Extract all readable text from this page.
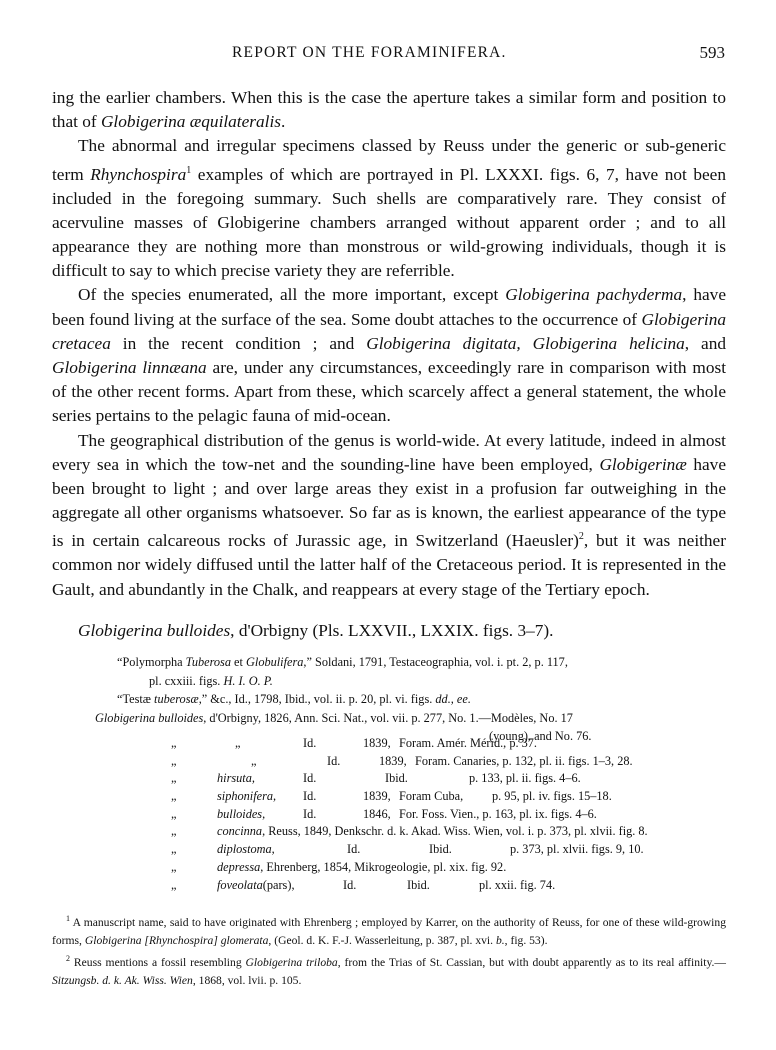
REPORT ON THE FORAMINIFERA.	593

ing the earlier chambers. When this is the case the aperture takes a similar form and position to that of Globigerina æquilateralis.

The abnormal and irregular specimens classed by Reuss under the generic or sub-generic term Rhynchospira$^1$ examples of which are portrayed in Pl. LXXXI. figs. 6, 7, have not been included in the foregoing summary. Such shells are comparatively rare. They consist of acervuline masses of Globigerine chambers arranged without apparent order ; and to all appearance they are nothing more than monstrous or wild-growing individuals, though it is difficult to say to which precise variety they are referrible.

Of the species enumerated, all the more important, except Globigerina pachyderma, have been found living at the surface of the sea. Some doubt attaches to the occurrence of Globigerina cretacea in the recent condition ; and Globigerina digitata, Globigerina helicina, and Globigerina linnæana are, under any circumstances, exceedingly rare in comparison with most of the other recent forms. Apart from these, which scarcely affect a general statement, the whole series pertains to the pelagic fauna of mid-ocean.

The geographical distribution of the genus is world-wide. At every latitude, indeed in almost every sea in which the tow-net and the sounding-line have been employed, Globigerinæ have been brought to light ; and over large areas they exist in a profusion far outweighing in the aggregate all other organisms whatsoever. So far as is known, the earliest appearance of the type is in certain calcareous rocks of Jurassic age, in Switzerland (Haeusler)$^2$, but it was neither common nor widely diffused until the latter half of the Cretaceous period. It is represented in the Gault, and abundantly in the Chalk, and reappears at every stage of the Tertiary epoch.

Globigerina bulloides, d'Orbigny (Pls. LXXVII., LXXIX. figs. 3–7).
“Polymorpha Tuberosa et Globulifera,” Soldani, 1791, Testaceographia, vol. i. pt. 2, p. 117,
pl. cxxiii. figs. H. I. O. P.
“Testæ tuberosæ,” &c., Id., 1798, Ibid., vol. ii. p. 20, pl. vi. figs. dd., ee.
Globigerina bulloides, d'Orbigny, 1826, Ann. Sci. Nat., vol. vii. p. 277, No. 1.—Modèles, No. 17
(young), and No. 76.
„	„	Id.	1839, Foram. Amér. Mérid., p. 37.
„	„	Id.	1839, Foram. Canaries, p. 132, pl. ii. figs. 1–3, 28.
„	hirsuta,	Id.	Ibid.	p. 133, pl. ii. figs. 4–6.
„	siphonifera, Id.	1839, Foram Cuba, p. 95, pl. iv. figs. 15–18.
„	bulloides,	Id.	1846, For. Foss. Vien., p. 163, pl. ix. figs. 4–6.
„	concinna , Reuss, 1849, Denkschr. d. k. Akad. Wiss. Wien, vol. i. p. 373, pl. xlvii. fig. 8.
„	diplostoma,	Id.	Ibid.	p. 373, pl. xlvii. figs. 9, 10.
„	depressa , Ehrenberg, 1854, Mikrogeologie, pl. xix. fig. 92.
„	foveolata (pars),	Id.	Ibid.	pl. xxii. fig. 74.

$^1$ A manuscript name, said to have originated with Ehrenberg ; employed by Karrer, on the authority of Reuss, for one of these wild-growing forms, Globigerina [Rhynchospira] glomerata, (Geol. d. K. F.-J. Wasserleitung, p. 387, pl. xvi. b., fig. 53).

$^2$ Reuss mentions a fossil resembling Globigerina triloba, from the Trias of St. Cassian, but with doubt apparently as to its real affinity.—Sitzungsb. d. k. Ak. Wiss. Wien, 1868, vol. lvii. p. 105.
